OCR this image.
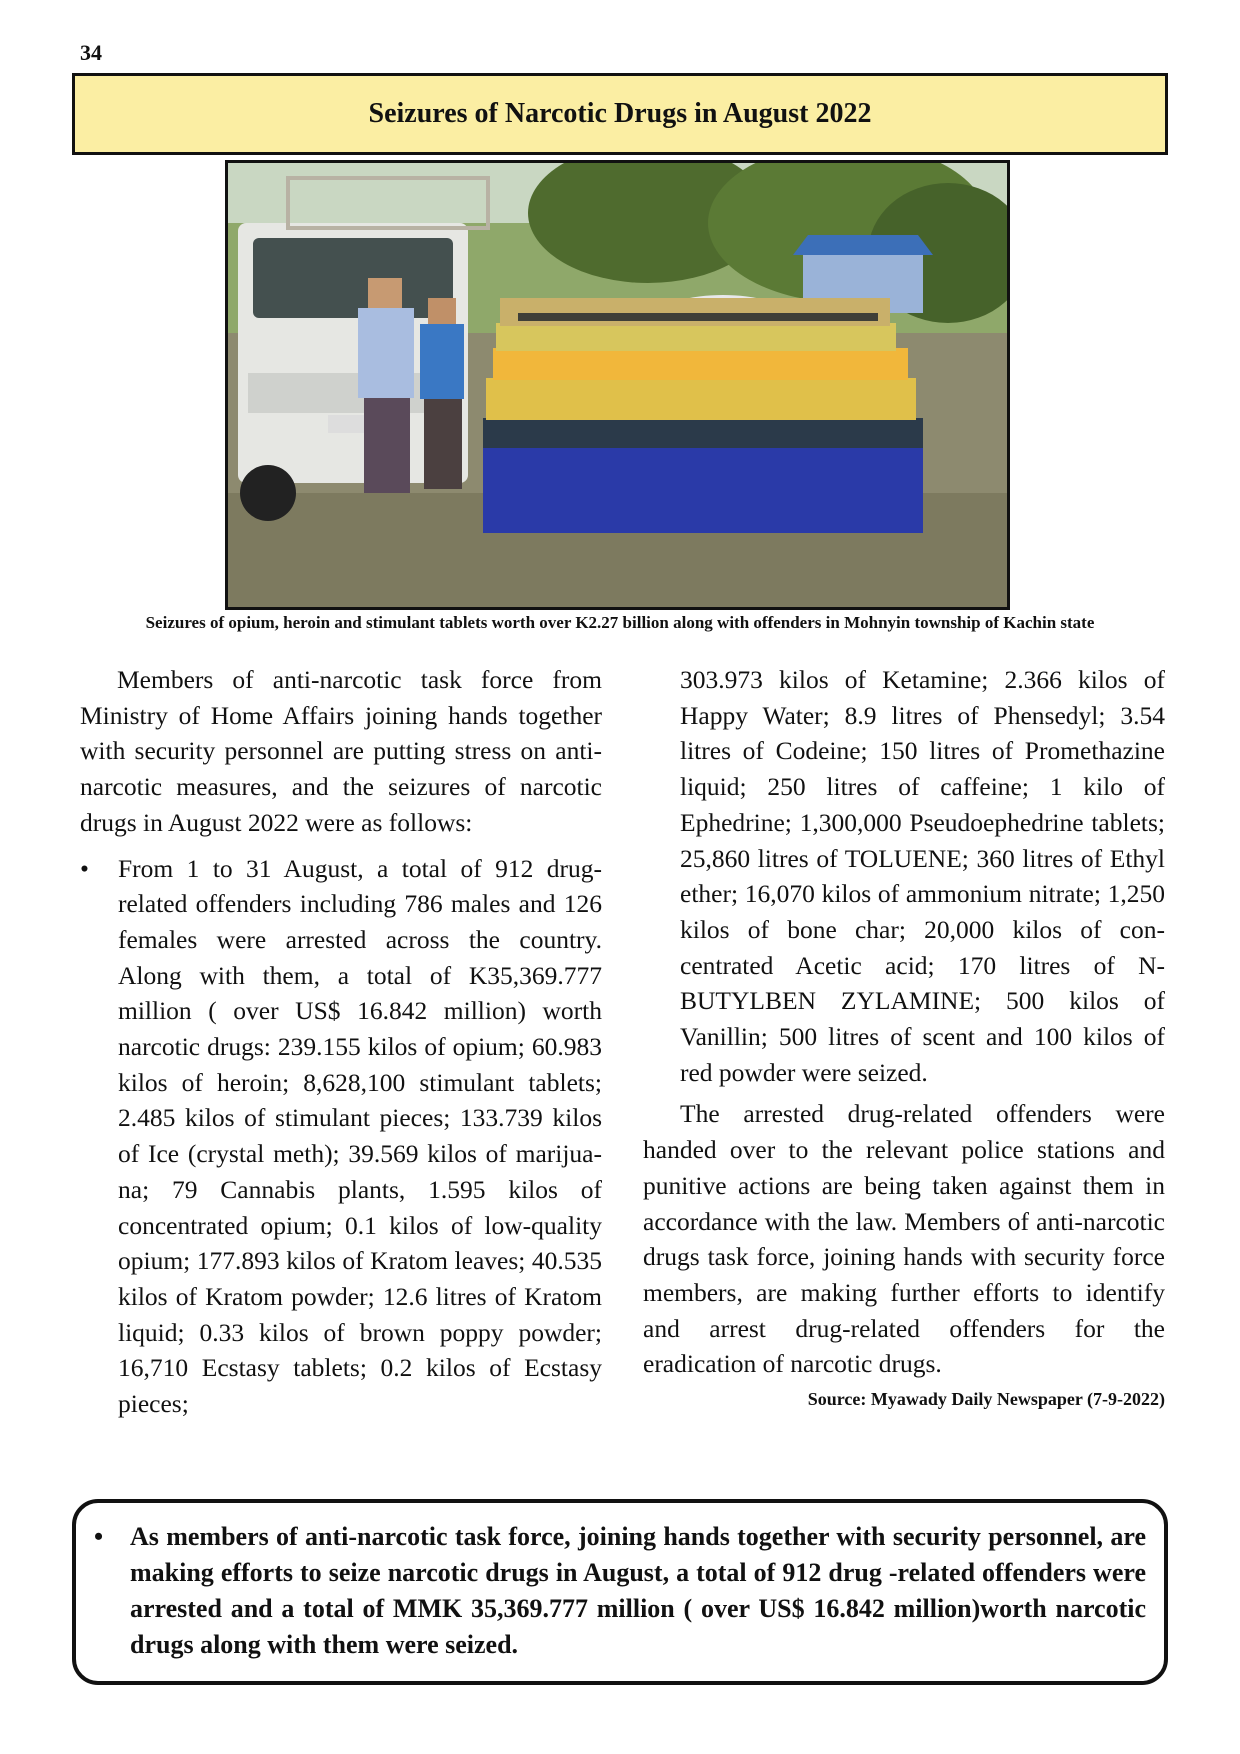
34
Seizures of Narcotic Drugs in August 2022
Seizures of opium, heroin and stimulant tablets worth over K2.27 billion along with offenders in Mohnyin township of Kachin state

Members of anti-narcotic task force from Ministry of Home Affairs joining hands together with security personnel are putting stress on anti-narcotic measures, and the seizures of narcotic drugs in August 2022 were as follows:

• From 1 to 31 August, a total of 912 drug-related offenders including 786 males and 126 females were arrested across the country. Along with them, a total of K35,369.777 million ( over US$ 16.842 million) worth narcotic drugs: 239.155 kilos of opium; 60.983 kilos of heroin; 8,628,100 stimulant tablets; 2.485 kilos of stimulant pieces; 133.739 kilos of Ice (crystal meth); 39.569 kilos of marijuana; 79 Cannabis plants, 1.595 kilos of concentrated opium; 0.1 kilos of low-quality opium; 177.893 kilos of Kratom leaves; 40.535 kilos of Kratom powder; 12.6 litres of Kratom liquid; 0.33 kilos of brown poppy powder; 16,710 Ecstasy tablets; 0.2 kilos of Ecstasy pieces;

303.973 kilos of Ketamine; 2.366 kilos of Happy Water; 8.9 litres of Phensedyl; 3.54 litres of Codeine; 150 litres of Promethazine liquid; 250 litres of caffeine; 1 kilo of Ephedrine; 1,300,000 Pseudoephedrine tablets; 25,860 litres of TOLUENE; 360 litres of Ethyl ether; 16,070 kilos of ammonium nitrate; 1,250 kilos of bone char; 20,000 kilos of concentrated Acetic acid; 170 litres of N-BUTYLBEN ZYLAMINE; 500 kilos of Vanillin; 500 litres of scent and 100 kilos of red powder were seized.

The arrested drug-related offenders were handed over to the relevant police stations and punitive actions are being taken against them in accordance with the law. Members of anti-narcotic drugs task force, joining hands with security force members, are making further efforts to identify and arrest drug-related offenders for the eradication of narcotic drugs.

Source: Myawady Daily Newspaper (7-9-2022)

• As members of anti-narcotic task force, joining hands together with security personnel, are making efforts to seize narcotic drugs in August, a total of 912 drug -related offenders were arrested and a total of MMK 35,369.777 million ( over US$ 16.842 million)worth narcotic drugs along with them were seized.
